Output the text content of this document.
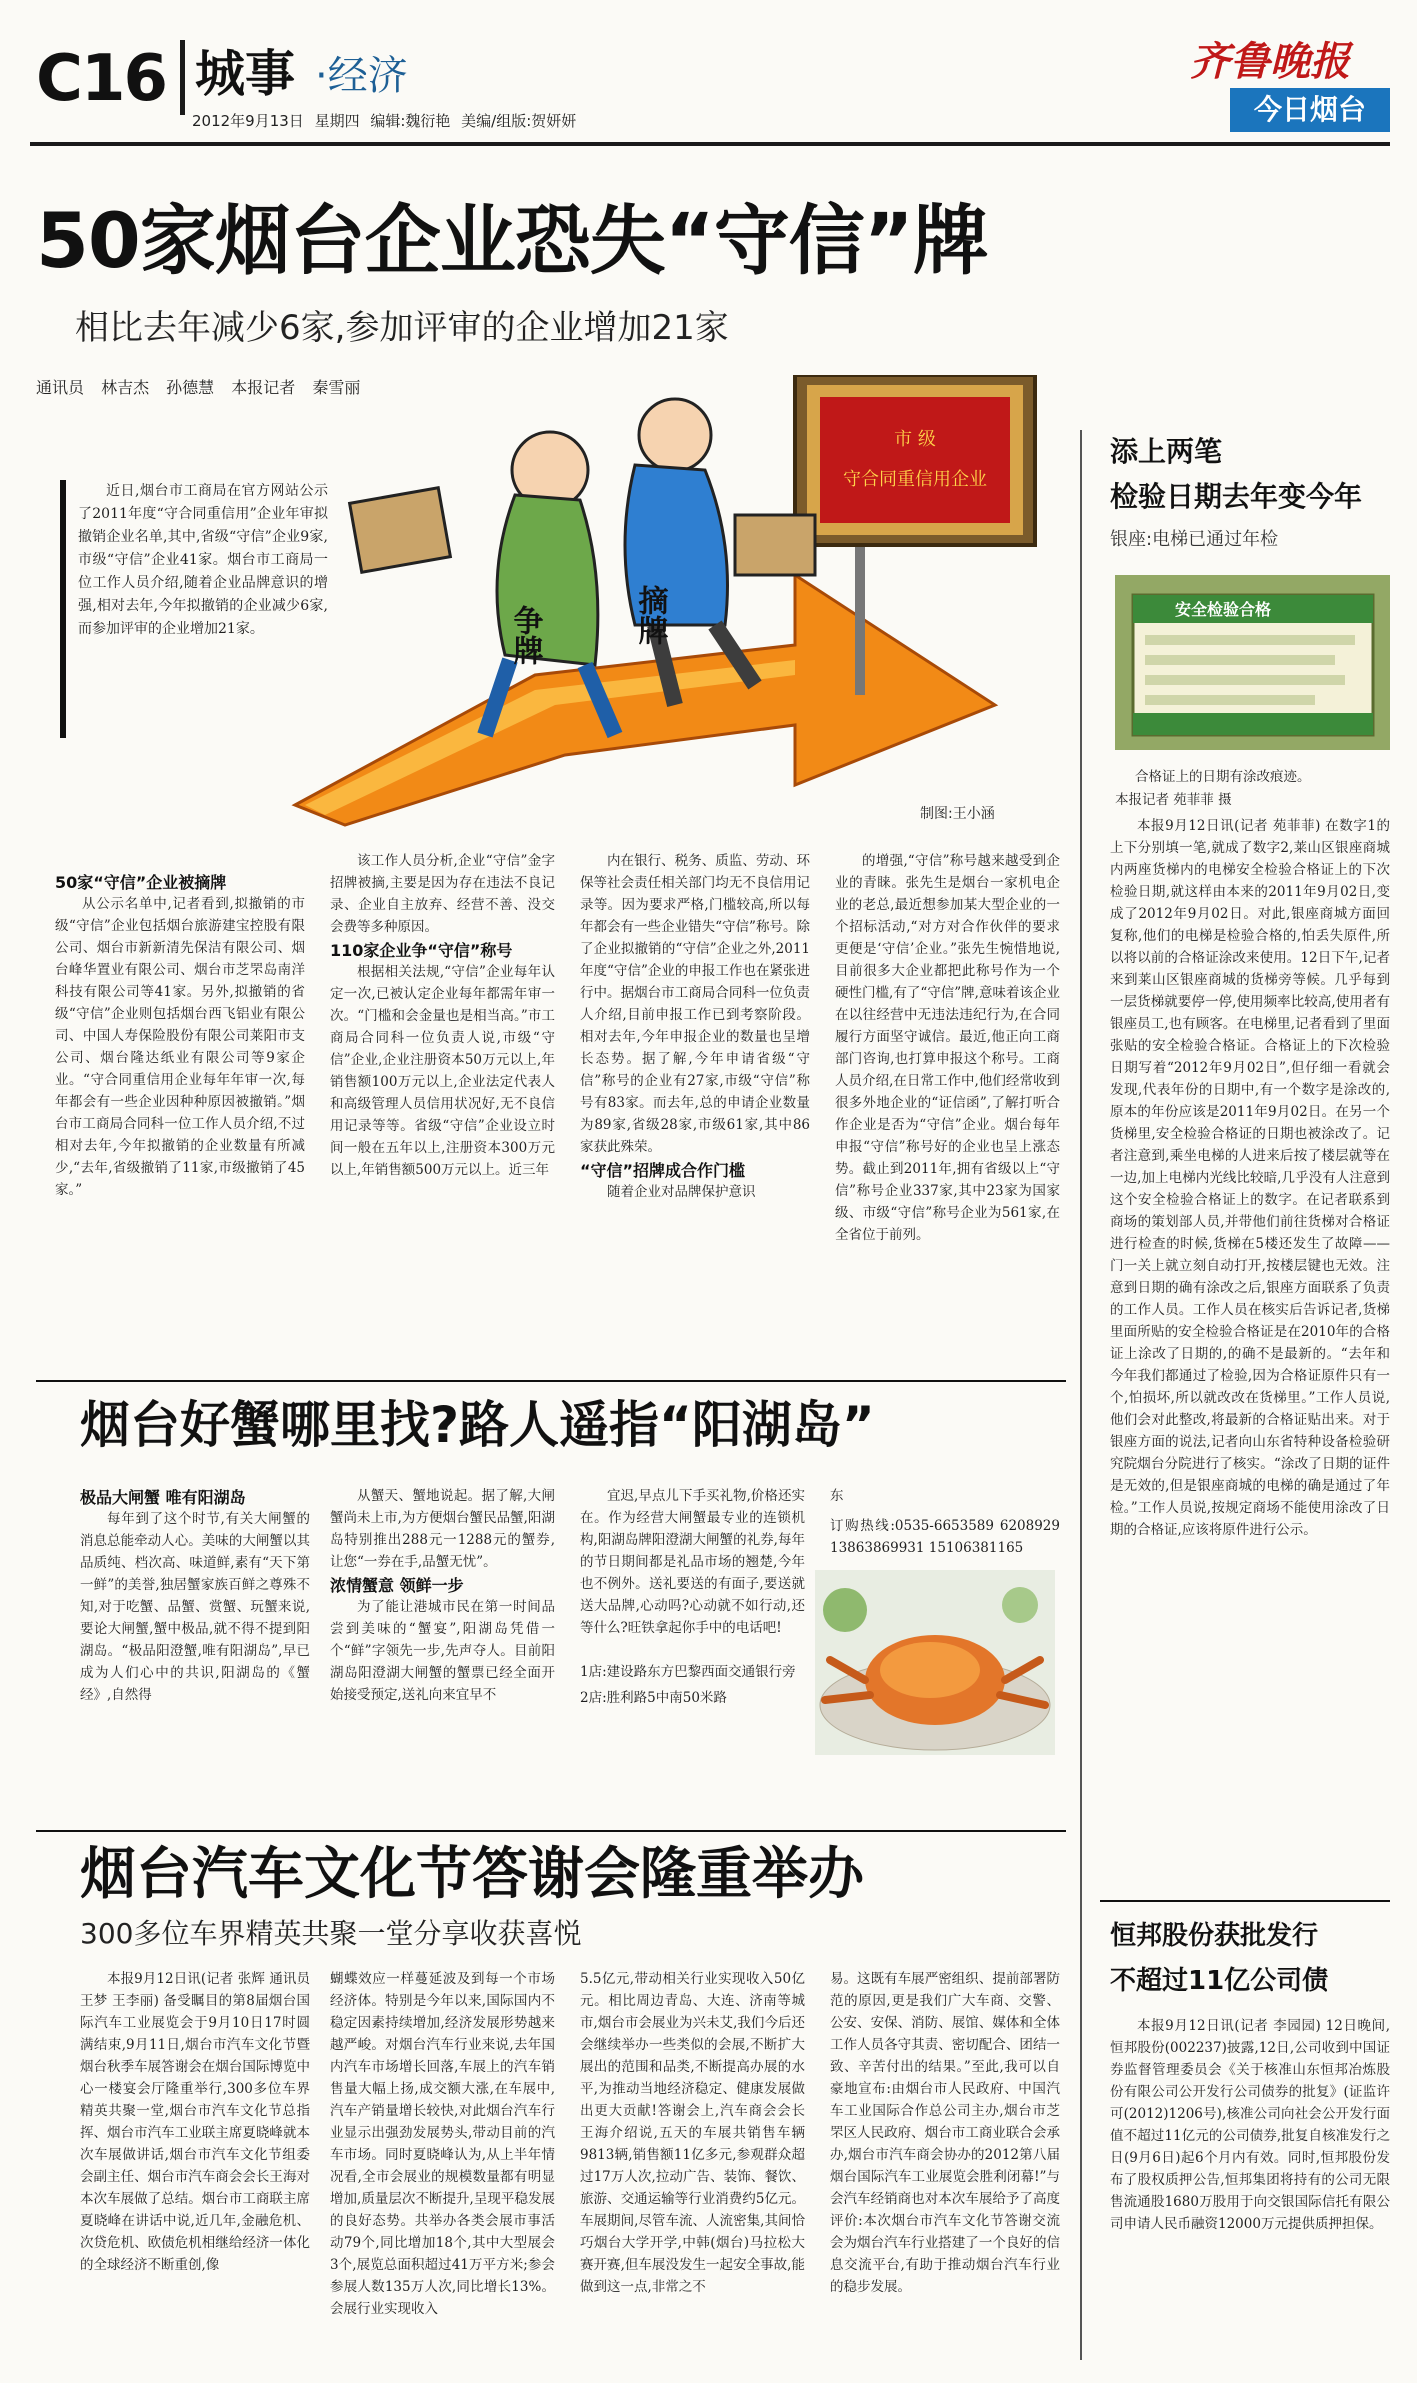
C16 城事 ·经济
2012年9月13日 星期四 编辑:魏衍艳 美编/组版:贺妍妍
齐鲁晚报
今日烟台
50家烟台企业恐失“守信”牌
相比去年减少6家,参加评审的企业增加21家
通讯员 林吉杰 孙德慧 本报记者 秦雪丽
市 级
守合同重信用企业
争牌	摘牌
制图:王小涵

近日,烟台市工商局在官方网站公示了2011年度“守合同重信用”企业年审拟撤销企业名单,其中,省级“守信”企业9家,市级“守信”企业41家。烟台市工商局一位工作人员介绍,随着企业品牌意识的增强,相对去年,今年拟撤销的企业减少6家,而参加评审的企业增加21家。

50家“守信”企业被摘牌

从公示名单中,记者看到,拟撤销的市级“守信”企业包括烟台旅游建宝控股有限公司、烟台市新新清先保洁有限公司、烟台峰华置业有限公司、烟台市芝罘岛南洋科技有限公司等41家。另外,拟撤销的省级“守信”企业则包括烟台西飞铝业有限公司、中国人寿保险股份有限公司莱阳市支公司、烟台隆达纸业有限公司等9家企业。“守合同重信用企业每年年审一次,每年都会有一些企业因种种原因被撤销。”烟台市工商局合同科一位工作人员介绍,不过相对去年,今年拟撤销的企业数量有所减少,“去年,省级撤销了11家,市级撤销了45家。”

该工作人员分析,企业“守信”金字招牌被摘,主要是因为存在违法不良记录、企业自主放弃、经营不善、没交会费等多种原因。

110家企业争“守信”称号

根据相关法规,“守信”企业每年认定一次,已被认定企业每年都需年审一次。“门槛和会金量也是相当高。”市工商局合同科一位负责人说,市级“守信”企业,企业注册资本50万元以上,年销售额100万元以上,企业法定代表人和高级管理人员信用状况好,无不良信用记录等等。省级“守信”企业设立时间一般在五年以上,注册资本300万元以上,年销售额500万元以上。近三年

内在银行、税务、质监、劳动、环保等社会责任相关部门均无不良信用记录等。因为要求严格,门槛较高,所以每年都会有一些企业错失“守信”称号。除了企业拟撤销的“守信”企业之外,2011年度“守信”企业的申报工作也在紧张进行中。据烟台市工商局合同科一位负责人介绍,目前申报工作已到考察阶段。相对去年,今年申报企业的数量也呈增长态势。据了解,今年申请省级“守信”称号的企业有27家,市级“守信”称号有83家。而去年,总的申请企业数量为89家,省级28家,市级61家,其中86家获此殊荣。

“守信”招牌成合作门槛

随着企业对品牌保护意识

的增强,“守信”称号越来越受到企业的青睐。张先生是烟台一家机电企业的老总,最近想参加某大型企业的一个招标活动,“对方对合作伙伴的要求更便是‘守信’企业。”张先生惋惜地说,目前很多大企业都把此称号作为一个硬性门槛,有了“守信”牌,意味着该企业在以往经营中无违法违纪行为,在合同履行方面坚守诚信。最近,他正向工商部门咨询,也打算申报这个称号。工商人员介绍,在日常工作中,他们经常收到很多外地企业的“证信函”,了解打听合作企业是否为“守信”企业。烟台每年申报“守信”称号好的企业也呈上涨态势。截止到2011年,拥有省级以上“守信”称号企业337家,其中23家为国家级、市级“守信”称号企业为561家,在全省位于前列。

烟台好蟹哪里找?路人遥指“阳湖岛”

极品大闸蟹 唯有阳湖岛

每年到了这个时节,有关大闸蟹的消息总能牵动人心。美味的大闸蟹以其品质纯、档次高、味道鲜,素有“天下第一鲜”的美誉,独居蟹家族百鲜之尊殊不知,对于吃蟹、品蟹、赏蟹、玩蟹来说,要论大闸蟹,蟹中极品,就不得不提到阳湖岛。“极品阳澄蟹,唯有阳湖岛”,早已成为人们心中的共识,阳湖岛的《蟹经》,自然得

从蟹天、蟹地说起。据了解,大闸蟹尚未上市,为方便烟台蟹民品蟹,阳湖岛特别推出288元一1288元的蟹券,让您“一券在手,品蟹无忧”。

浓情蟹意 领鲜一步

为了能让港城市民在第一时间品尝到美味的“蟹宴”,阳湖岛凭借一个“鲜”字领先一步,先声夺人。目前阳湖岛阳澄湖大闸蟹的蟹票已经全面开始接受预定,送礼向来宜早不

宜迟,早点儿下手买礼物,价格还实在。作为经营大闸蟹最专业的连锁机构,阳湖岛牌阳澄湖大闸蟹的礼券,每年的节日期间都是礼品市场的翘楚,今年也不例外。送礼要送的有面子,要送就送大品牌,心动吗?心动就不如行动,还等什么?旺铁拿起你手中的电话吧!

1店:建设路东方巴黎西面交通银行旁

2店:胜利路5中南50米路

东

订购热线:0535-6653589 6208929 13863869931 15106381165

烟台汽车文化节答谢会隆重举办
300多位车界精英共聚一堂分享收获喜悦

本报9月12日讯(记者 张辉 通讯员 王梦 王李丽) 备受瞩目的第8届烟台国际汽车工业展览会于9月10日17时圆满结束,9月11日,烟台市汽车文化节暨烟台秋季车展答谢会在烟台国际博览中心一楼宴会厅隆重举行,300多位车界精英共聚一堂,烟台市汽车文化节总指挥、烟台市汽车工业联主席夏晓峰就本次车展做讲话,烟台市汽车文化节组委会副主任、烟台市汽车商会会长王海对本次车展做了总结。烟台市工商联主席夏晓峰在讲话中说,近几年,金融危机、次贷危机、欧债危机相继给经济一体化的全球经济不断重创,像

蝴蝶效应一样蔓延波及到每一个市场经济体。特别是今年以来,国际国内不稳定因素持续增加,经济发展形势越来越严峻。对烟台汽车行业来说,去年国内汽车市场增长回落,车展上的汽车销售量大幅上扬,成交额大涨,在车展中,汽车产销量增长较快,对此烟台汽车行业显示出强劲发展势头,带动目前的汽车市场。同时夏晓峰认为,从上半年情况看,全市会展业的规模数量都有明显增加,质量层次不断提升,呈现平稳发展的良好态势。共举办各类会展市事活动79个,同比增加18个,其中大型展会3个,展览总面积超过41万平方米;参会参展人数135万人次,同比增长13%。会展行业实现收入

5.5亿元,带动相关行业实现收入50亿元。相比周边青岛、大连、济南等城市,烟台市会展业为兴未艾,我们今后还会继续举办一些类似的会展,不断扩大展出的范围和品类,不断提高办展的水平,为推动当地经济稳定、健康发展做出更大贡献!答谢会上,汽车商会会长王海介绍说,五天的车展共销售车辆9813辆,销售额11亿多元,参观群众超过17万人次,拉动广告、装饰、餐饮、旅游、交通运输等行业消费约5亿元。车展期间,尽管车流、人流密集,其间恰巧烟台大学开学,中韩(烟台)马拉松大赛开赛,但车展没发生一起安全事故,能做到这一点,非常之不

易。这既有车展严密组织、提前部署防范的原因,更是我们广大车商、交警、公安、安保、消防、展馆、媒体和全体工作人员各守其责、密切配合、团结一致、辛苦付出的结果。”至此,我可以自豪地宣布:由烟台市人民政府、中国汽车工业国际合作总公司主办,烟台市芝罘区人民政府、烟台市工商业联合会承办,烟台市汽车商会协办的2012第八届烟台国际汽车工业展览会胜利闭幕!”与会汽车经销商也对本次车展给予了高度评价:本次烟台市汽车文化节答谢交流会为烟台汽车行业搭建了一个良好的信息交流平台,有助于推动烟台汽车行业的稳步发展。

添上两笔
检验日期去年变今年
银座:电梯已通过年检
安全检验合格
合格证上的日期有涂改痕迹。
本报记者 苑菲菲 摄

本报9月12日讯(记者 苑菲菲) 在数字1的上下分别填一笔,就成了数字2,莱山区银座商城内两座货梯内的电梯安全检验合格证上的下次检验日期,就这样由本来的2011年9月02日,变成了2012年9月02日。对此,银座商城方面回复称,他们的电梯是检验合格的,怕丢失原件,所以将以前的合格证涂改来使用。12日下午,记者来到莱山区银座商城的货梯旁等候。几乎每到一层货梯就要停一停,使用频率比较高,使用者有银座员工,也有顾客。在电梯里,记者看到了里面张贴的安全检验合格证。合格证上的下次检验日期写着“2012年9月02日”,但仔细一看就会发现,代表年份的日期中,有一个数字是涂改的,原本的年份应该是2011年9月02日。在另一个货梯里,安全检验合格证的日期也被涂改了。记者注意到,乘坐电梯的人进来后按了楼层就等在一边,加上电梯内光线比较暗,几乎没有人注意到这个安全检验合格证上的数字。在记者联系到商场的策划部人员,并带他们前往货梯对合格证进行检查的时候,货梯在5楼还发生了故障——门一关上就立刻自动打开,按楼层键也无效。注意到日期的确有涂改之后,银座方面联系了负责的工作人员。工作人员在核实后告诉记者,货梯里面所贴的安全检验合格证是在2010年的合格证上涂改了日期的,的确不是最新的。“去年和今年我们都通过了检验,因为合格证原件只有一个,怕损坏,所以就改改在货梯里。”工作人员说,他们会对此整改,将最新的合格证贴出来。对于银座方面的说法,记者向山东省特种设备检验研究院烟台分院进行了核实。“涂改了日期的证件是无效的,但是银座商城的电梯的确是通过了年检。”工作人员说,按规定商场不能使用涂改了日期的合格证,应该将原件进行公示。

恒邦股份获批发行
不超过11亿公司债

本报9月12日讯(记者 李园园) 12日晚间,恒邦股份(002237)披露,12日,公司收到中国证券监督管理委员会《关于核准山东恒邦冶炼股份有限公司公开发行公司债券的批复》(证监许可(2012)1206号),核准公司向社会公开发行面值不超过11亿元的公司债券,批复自核准发行之日(9月6日)起6个月内有效。同时,恒邦股份发布了股权质押公告,恒邦集团将持有的公司无限售流通股1680万股用于向交银国际信托有限公司申请人民币融资12000万元提供质押担保。
